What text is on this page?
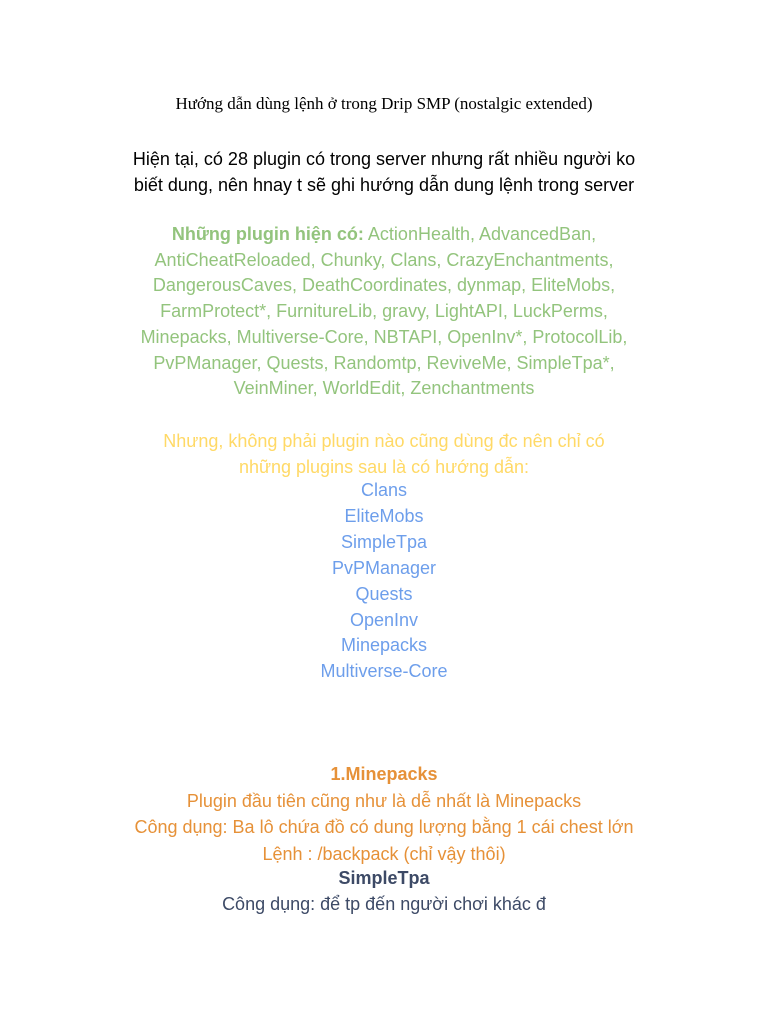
Hướng dẫn dùng lệnh ở trong Drip SMP (nostalgic extended)

Hiện tại, có 28 plugin có trong server nhưng rất nhiều người ko

biết dung, nên hnay t sẽ ghi hướng dẫn dung lệnh trong server

Những plugin hiện có: ActionHealth, AdvancedBan,

AntiCheatReloaded, Chunky, Clans, CrazyEnchantments,

DangerousCaves, DeathCoordinates, dynmap, EliteMobs,

FarmProtect*, FurnitureLib, gravy, LightAPI, LuckPerms,

Minepacks, Multiverse-Core, NBTAPI, OpenInv*, ProtocolLib,

PvPManager, Quests, Randomtp, ReviveMe, SimpleTpa*,

VeinMiner, WorldEdit, Zenchantments

Nhưng, không phải plugin nào cũng dùng đc nên chỉ có

những plugins sau là có hướng dẫn:

Clans
EliteMobs
SimpleTpa
PvPManager
Quests
OpenInv
Minepacks
Multiverse-Core

1.Minepacks

Plugin đầu tiên cũng như là dễ nhất là Minepacks

Công dụng: Ba lô chứa đồ có dung lượng bằng 1 cái chest lớn

Lệnh : /backpack (chỉ vậy thôi)

SimpleTpa

Công dụng: để tp đến người chơi khác đ
